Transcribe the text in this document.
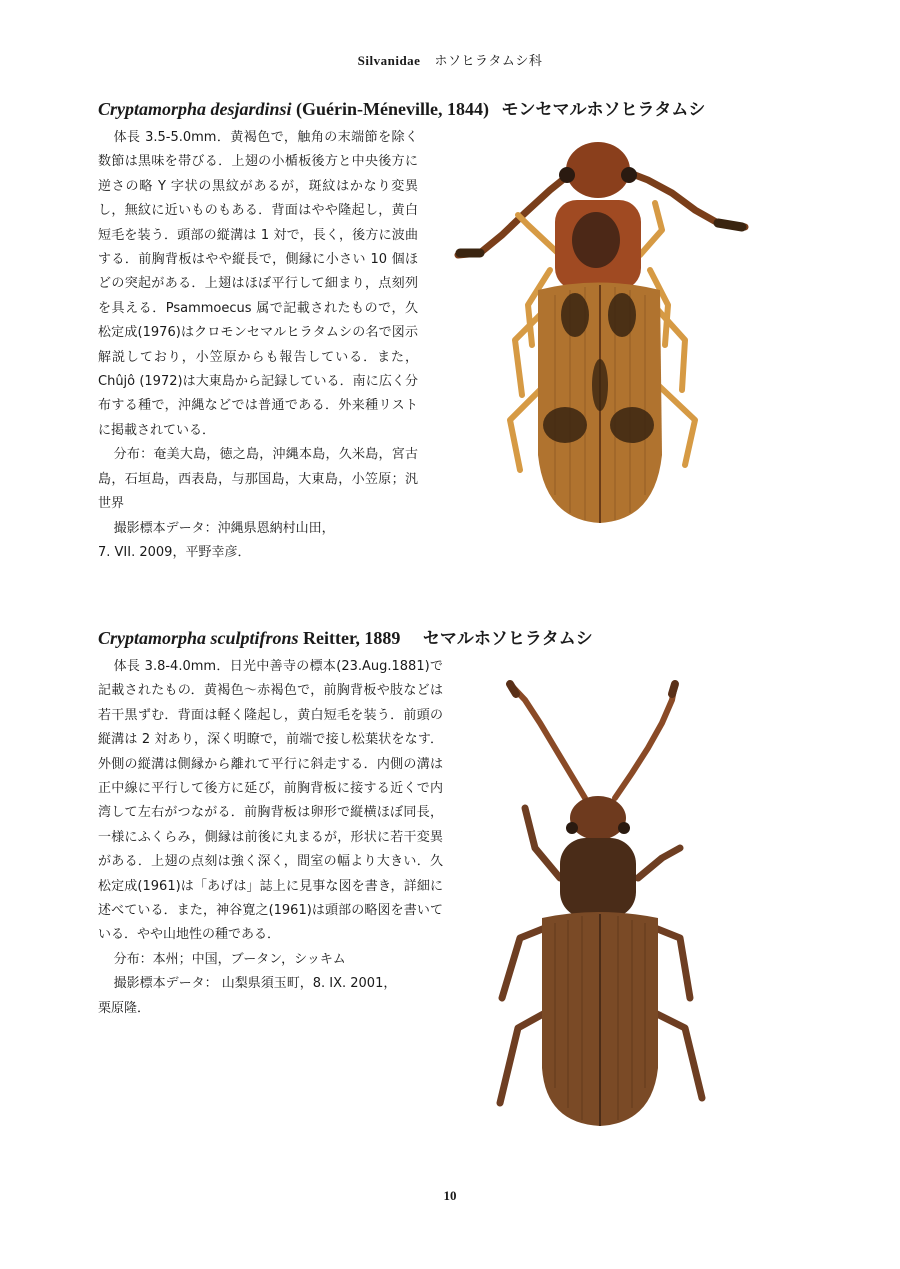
Silvanidae ホソヒラタムシ科
Cryptamorpha desjardinsi (Guérin-Méneville, 1844) モンセマルホソヒラタムシ

体長 3.5-5.0mm．黄褐色で，触角の末端節を除く数節は黒味を帯びる．上翅の小楯板後方と中央後方に逆さの略 Y 字状の黒紋があるが，斑紋はかなり変異し，無紋に近いものもある．背面はやや隆起し，黄白短毛を装う．頭部の縦溝は 1 対で，長く，後方に波曲する．前胸背板はやや縦長で，側縁に小さい 10 個ほどの突起がある．上翅はほぼ平行して細まり，点刻列を具える．Psammoecus 属で記載されたもので，久松定成(1976)はクロモンセマルヒラタムシの名で図示解説しており，小笠原からも報告している．また，Chûjô (1972)は大東島から記録している．南に広く分布する種で，沖縄などでは普通である．外来種リストに掲載されている．

分布：奄美大島，徳之島，沖縄本島，久米島，宮古島，石垣島，西表島，与那国島，大東島，小笠原；汎世界

撮影標本データ：沖縄県恩納村山田，

7. VII. 2009，平野幸彦．

Cryptamorpha sculptifrons Reitter, 1889 セマルホソヒラタムシ

体長 3.8-4.0mm．日光中善寺の標本(23.Aug.1881)で記載されたもの．黄褐色～赤褐色で，前胸背板や肢などは若干黒ずむ．背面は軽く隆起し，黄白短毛を装う．前頭の縦溝は 2 対あり，深く明瞭で，前端で接し松葉状をなす．外側の縦溝は側縁から離れて平行に斜走する．内側の溝は正中線に平行して後方に延び，前胸背板に接する近くで内湾して左右がつながる．前胸背板は卵形で縦横ほぼ同長，一様にふくらみ，側縁は前後に丸まるが，形状に若干変異がある．上翅の点刻は強く深く，間室の幅より大きい．久松定成(1961)は「あげは」誌上に見事な図を書き，詳細に述べている．また，神谷寛之(1961)は頭部の略図を書いている．やや山地性の種である．

分布：本州；中国，ブータン，シッキム

撮影標本データ： 山梨県須玉町，8. IX. 2001，

栗原隆．

10
